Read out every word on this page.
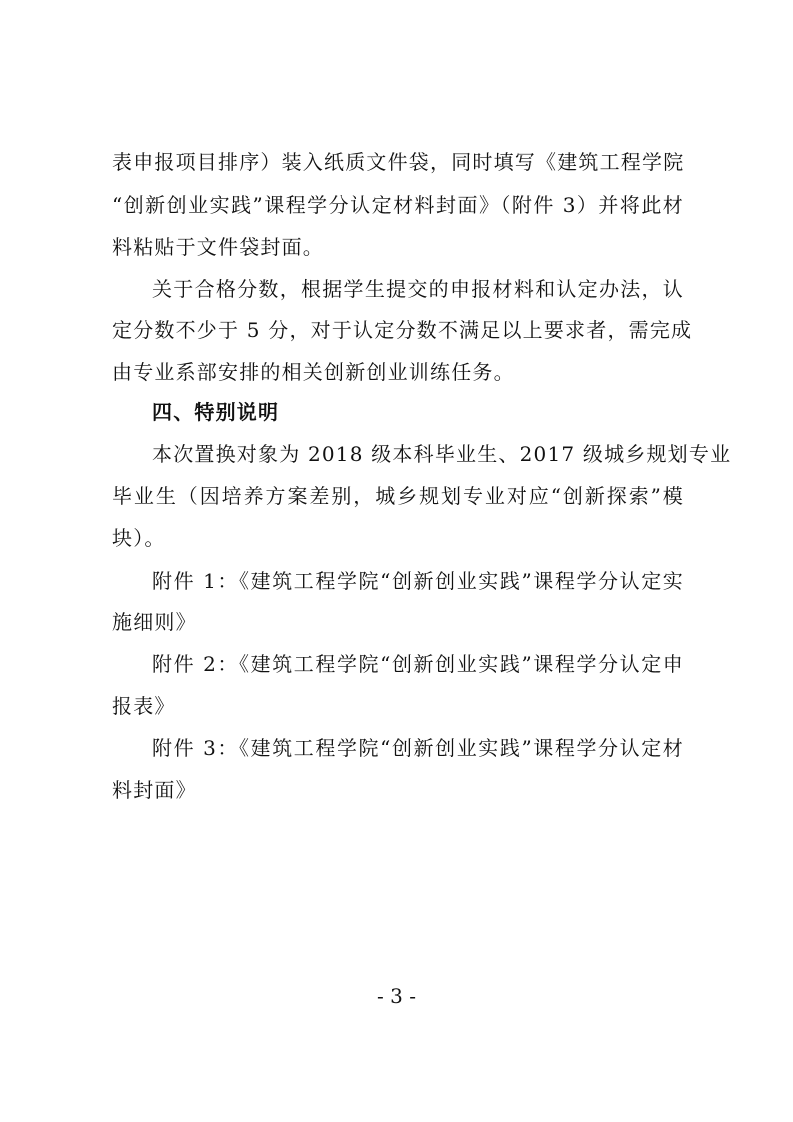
表申报项目排序）装入纸质文件袋，同时填写《建筑工程学院
“创新创业实践”课程学分认定材料封面》（附件 3）并将此材
料粘贴于文件袋封面。
关于合格分数，根据学生提交的申报材料和认定办法，认
定分数不少于 5 分，对于认定分数不满足以上要求者，需完成
由专业系部安排的相关创新创业训练任务。
四、特别说明
本次置换对象为 2018 级本科毕业生、2017 级城乡规划专业
毕业生（因培养方案差别，城乡规划专业对应“创新探索”模
块）。
附件 1：《建筑工程学院“创新创业实践”课程学分认定实
施细则》
附件 2：《建筑工程学院“创新创业实践”课程学分认定申
报表》
附件 3：《建筑工程学院“创新创业实践”课程学分认定材
料封面》
- 3 -
